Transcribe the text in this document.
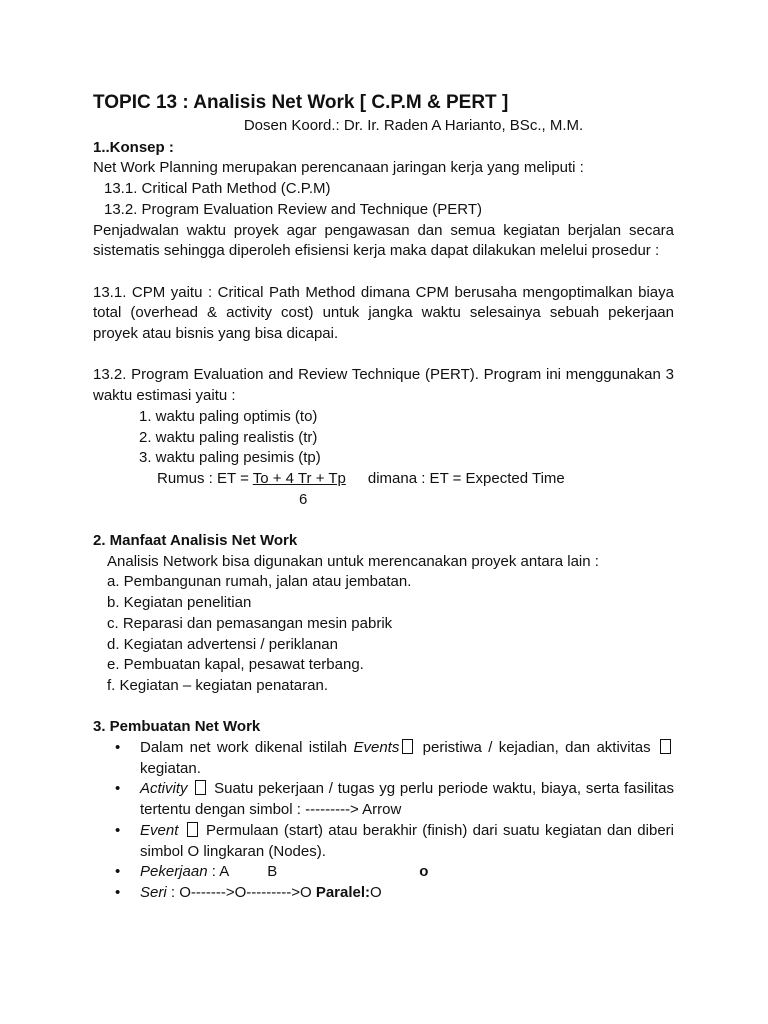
TOPIC 13 : Analisis Net Work [ C.P.M & PERT ]

Dosen Koord.: Dr. Ir. Raden A Harianto, BSc., M.M.

1..Konsep :

Net Work Planning merupakan perencanaan jaringan kerja yang meliputi :

13.1. Critical Path Method (C.P.M)

13.2. Program Evaluation Review and Technique (PERT)

Penjadwalan waktu proyek agar pengawasan dan semua kegiatan berjalan secara sistematis sehingga diperoleh efisiensi kerja maka dapat dilakukan melelui prosedur :

13.1. CPM yaitu : Critical Path Method dimana CPM berusaha mengoptimalkan biaya total (overhead & activity cost) untuk jangka waktu selesainya sebuah pekerjaan proyek atau bisnis yang bisa dicapai.

13.2. Program Evaluation and Review Technique (PERT). Program ini menggunakan 3 waktu estimasi yaitu :

1. waktu paling optimis (to)

2. waktu paling realistis (tr)

3. waktu paling pesimis (tp)

Rumus : ET = To + 4 Tr + Tp dimana : ET = Expected Time

6

2. Manfaat Analisis Net Work

Analisis Network bisa digunakan untuk merencanakan proyek antara lain :

a. Pembangunan rumah, jalan atau jembatan.

b. Kegiatan penelitian

c. Reparasi dan pemasangan mesin pabrik

d. Kegiatan advertensi / periklanan

e. Pembuatan kapal, pesawat terbang.

f. Kegiatan – kegiatan penataran.

3. Pembuatan Net Work

• Dalam net work dikenal istilah Events peristiwa / kejadian, dan aktivitas  kegiatan.
• Activity  Suatu pekerjaan / tugas yg perlu periode waktu, biaya, serta fasilitas tertentu dengan simbol : ---------> Arrow
• Event  Permulaan (start) atau berakhir (finish) dari suatu kegiatan dan diberi simbol O lingkaran (Nodes).
• Pekerjaan : A	B	o
• Seri : O------->O--------->O Paralel:O
